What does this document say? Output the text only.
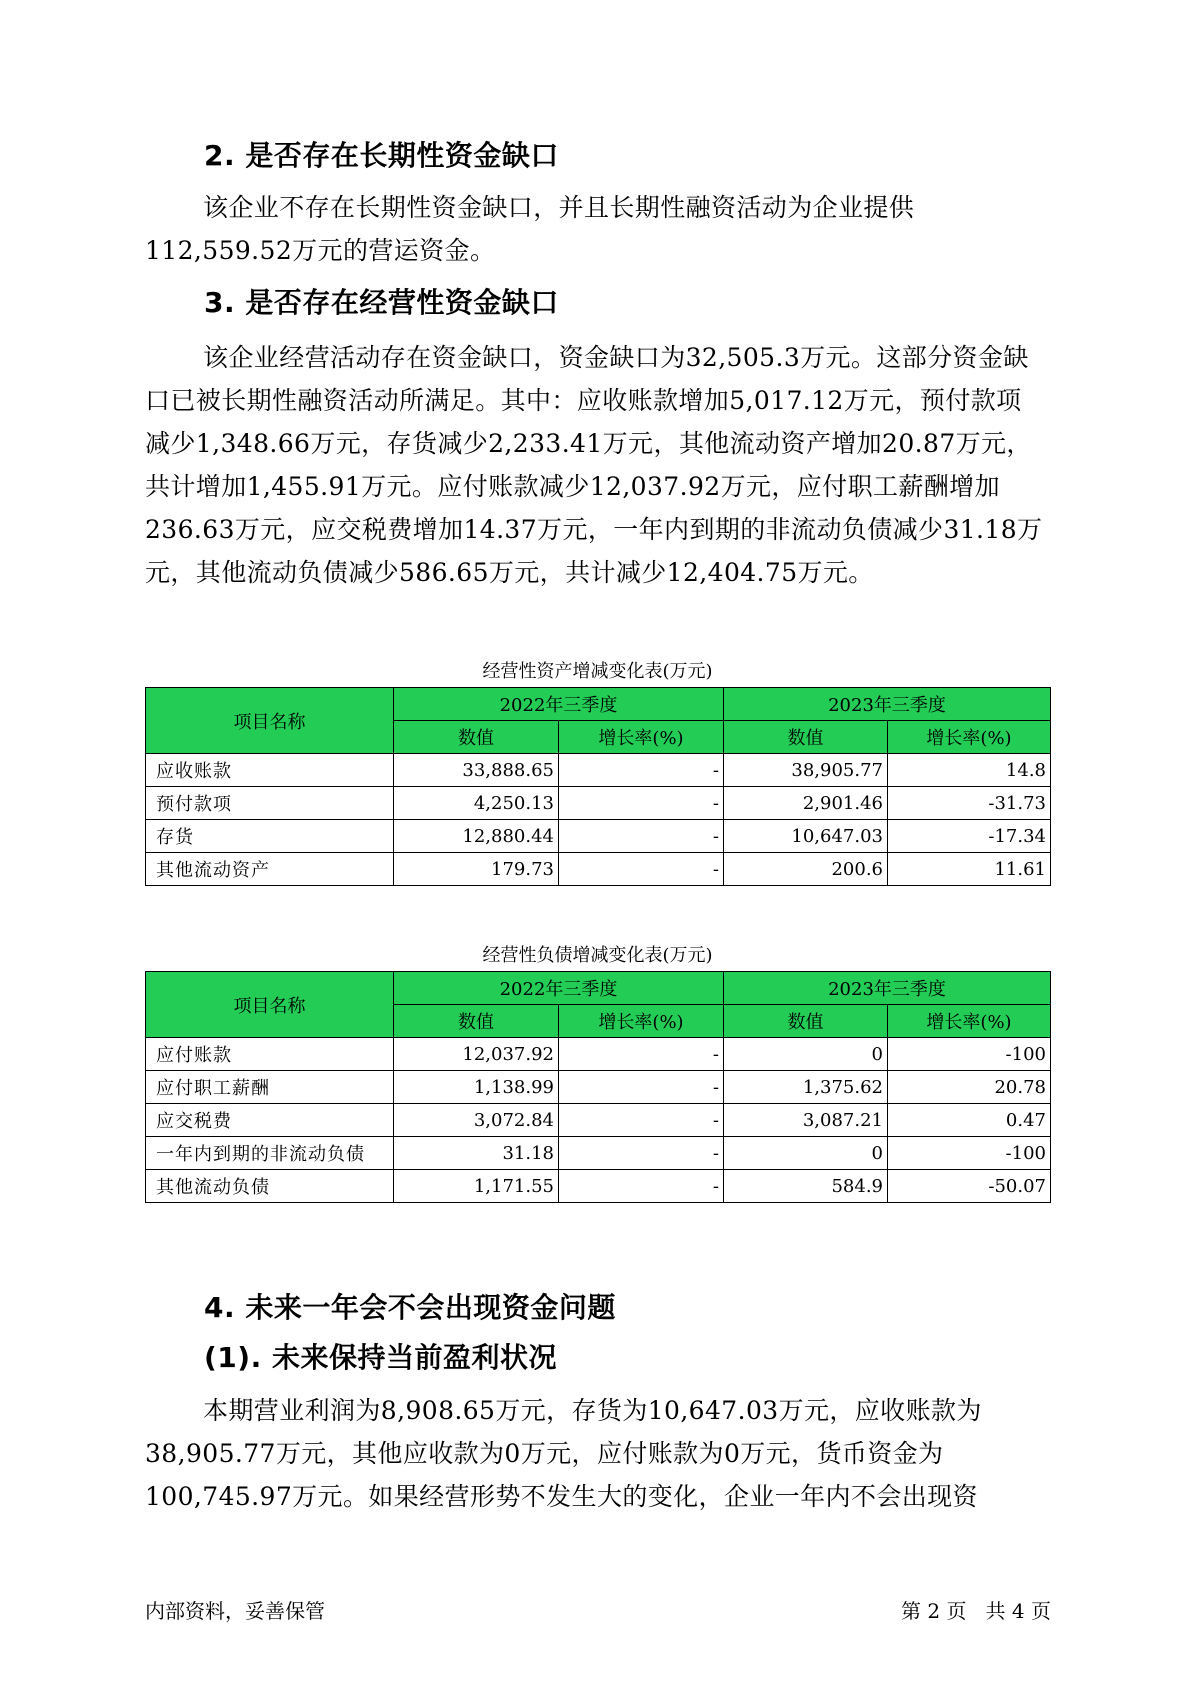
2. 是否存在长期性资金缺口

该企业不存在长期性资金缺口，并且长期性融资活动为企业提供112,559.52万元的营运资金。

3. 是否存在经营性资金缺口

该企业经营活动存在资金缺口，资金缺口为32,505.3万元。这部分资金缺口已被长期性融资活动所满足。其中：应收账款增加5,017.12万元，预付款项减少1,348.66万元，存货减少2,233.41万元，其他流动资产增加20.87万元，共计增加1,455.91万元。应付账款减少12,037.92万元，应付职工薪酬增加236.63万元，应交税费增加14.37万元，一年内到期的非流动负债减少31.18万元，其他流动负债减少586.65万元，共计减少12,404.75万元。

经营性资产增减变化表(万元)
项目名称	2022年三季度		2023年三季度	
	数值	增长率(%)	数值	增长率(%)
应收账款	33,888.65	-	38,905.77	14.8
预付款项	4,250.13	-	2,901.46	-31.73
存货	12,880.44	-	10,647.03	-17.34
其他流动资产	179.73	-	200.6	11.61
经营性负债增减变化表(万元)
项目名称	2022年三季度		2023年三季度	
	数值	增长率(%)	数值	增长率(%)
应付账款	12,037.92	-	0	-100
应付职工薪酬	1,138.99	-	1,375.62	20.78
应交税费	3,072.84	-	3,087.21	0.47
一年内到期的非流动负债	31.18	-	0	-100
其他流动负债	1,171.55	-	584.9	-50.07
4. 未来一年会不会出现资金问题
(1). 未来保持当前盈利状况

本期营业利润为8,908.65万元，存货为10,647.03万元，应收账款为38,905.77万元，其他应收款为0万元，应付账款为0万元，货币资金为100,745.97万元。如果经营形势不发生大的变化，企业一年内不会出现资

内部资料，妥善保管	第 2 页   共 4 页
